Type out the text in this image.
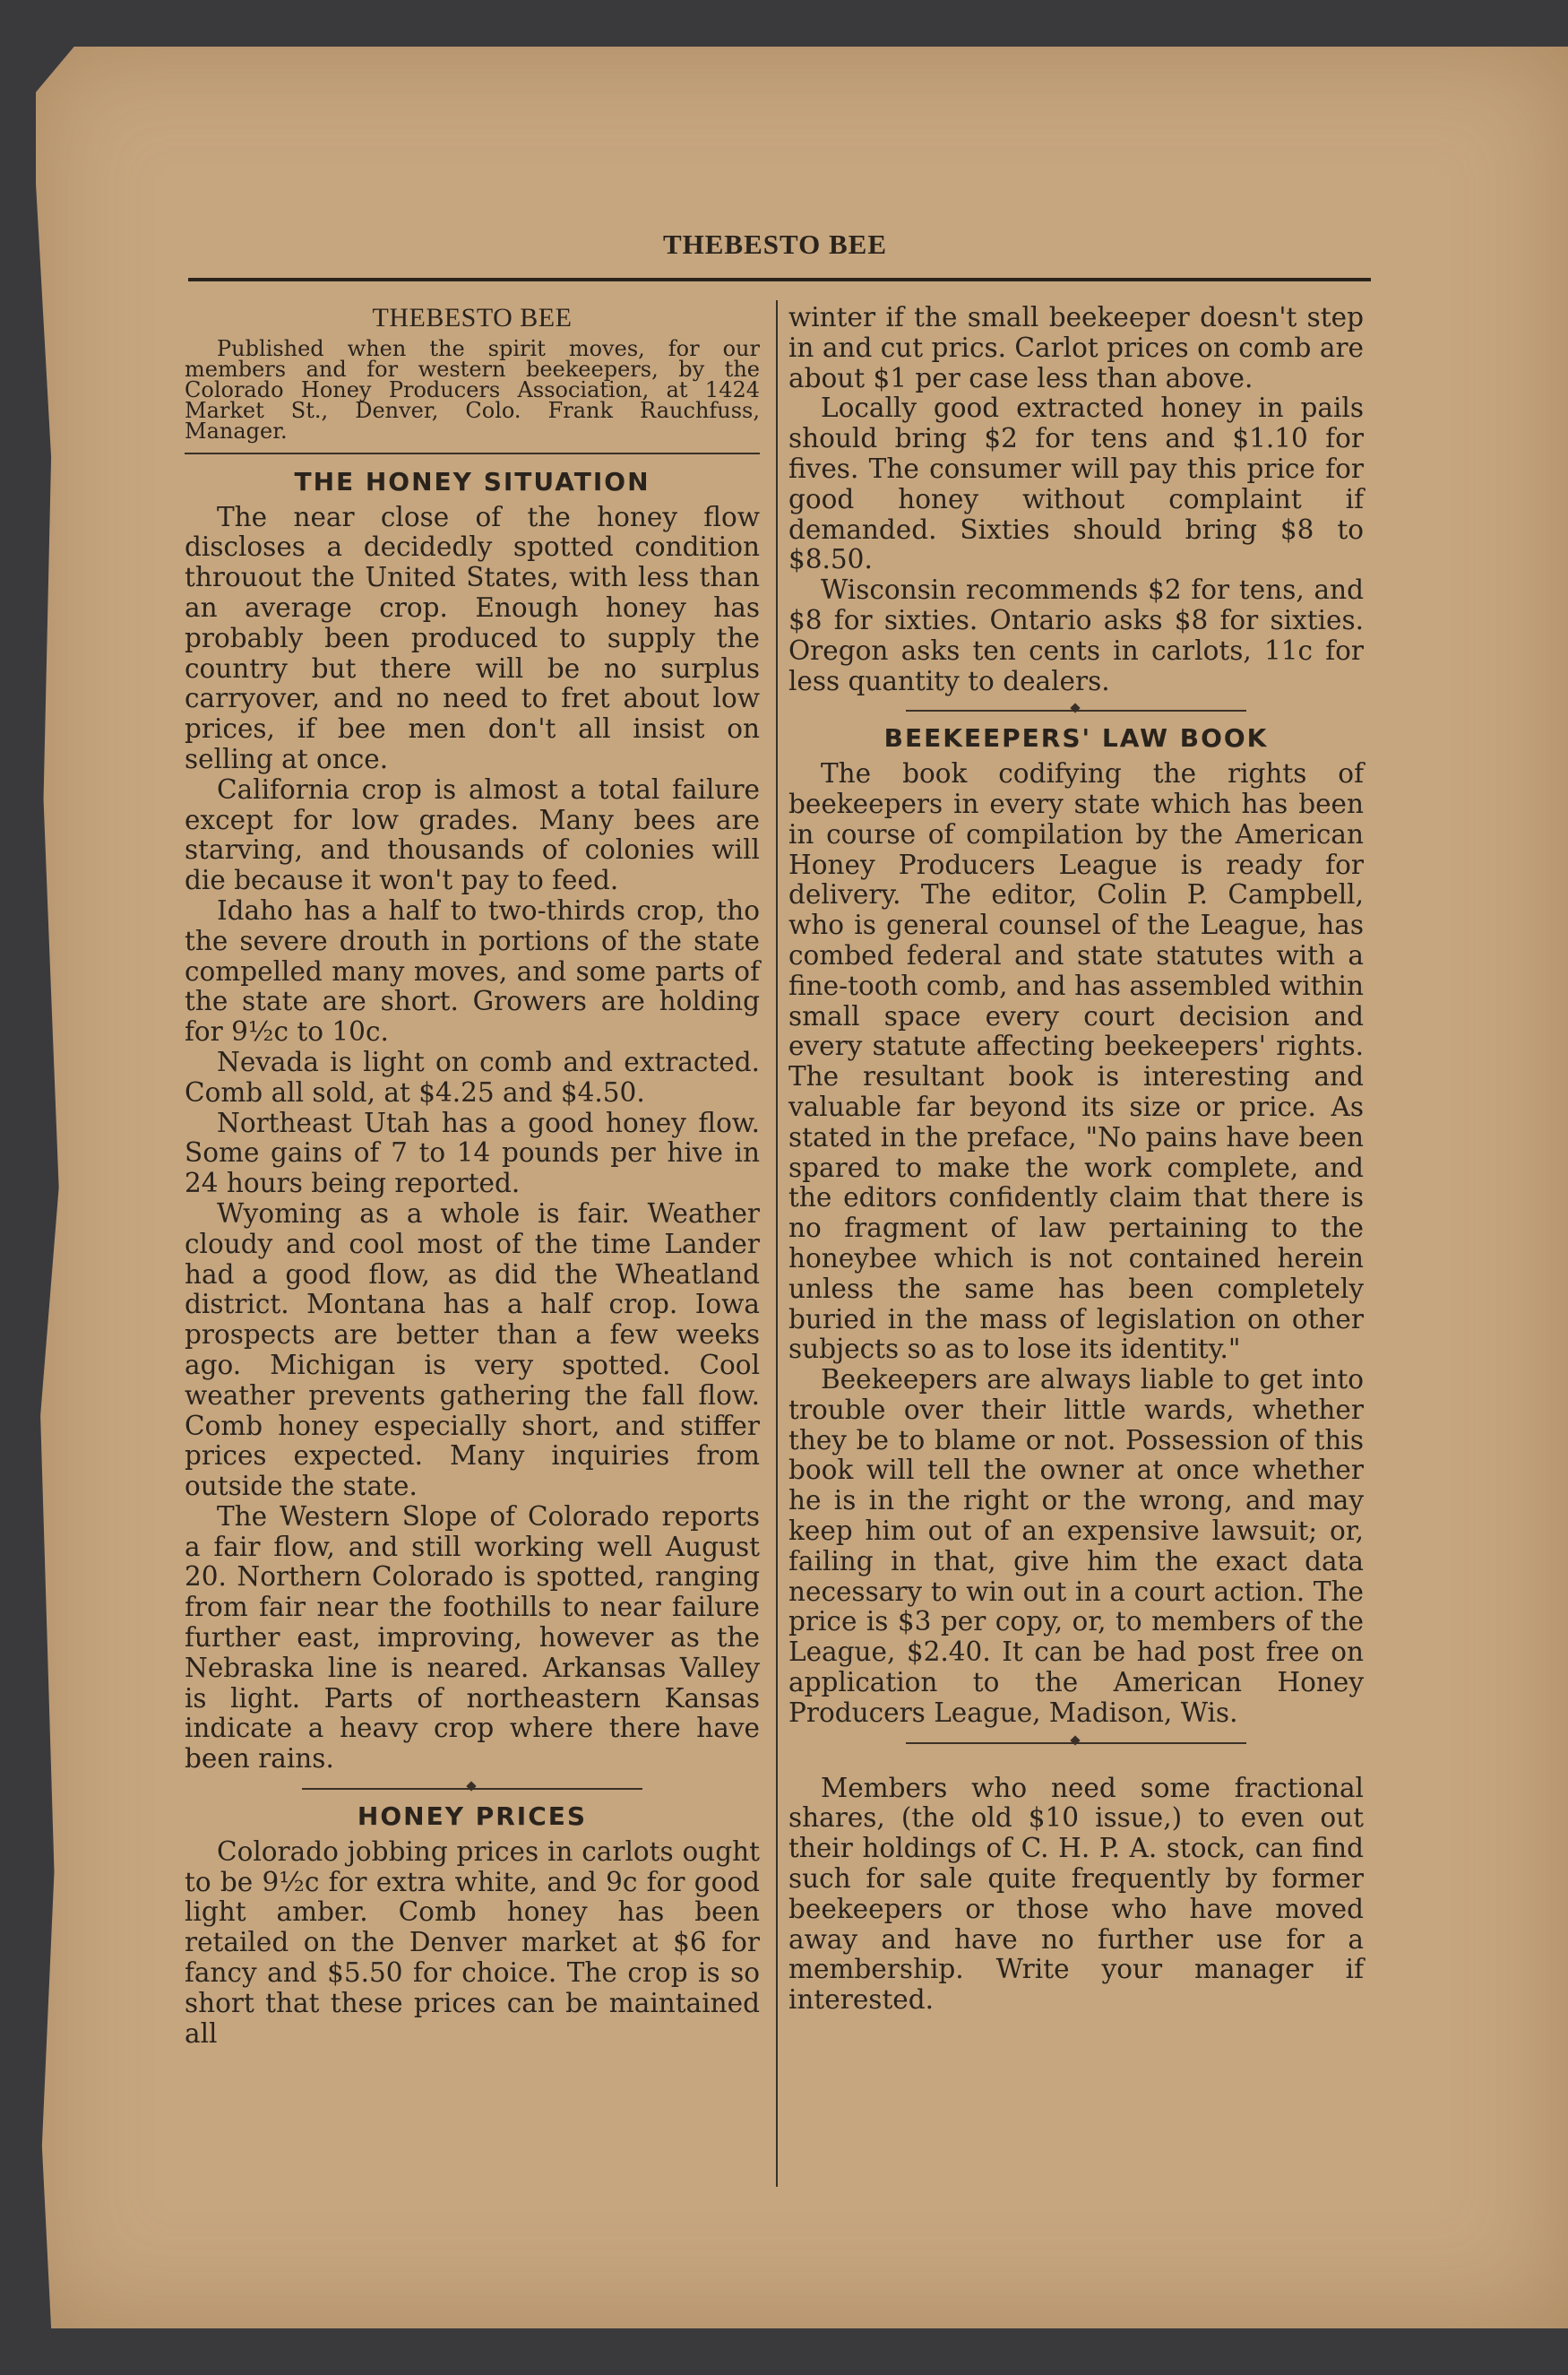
THEBESTO BEE
THEBESTO BEE

Published when the spirit moves, for our members and for western beekeepers, by the Colorado Honey Producers Association, at 1424 Market St., Denver, Colo. Frank Rauchfuss, Manager.

THE HONEY SITUATION

The near close of the honey flow discloses a decidedly spotted condition throuout the United States, with less than an average crop. Enough honey has probably been produced to supply the country but there will be no surplus carryover, and no need to fret about low prices, if bee men don't all insist on selling at once.

California crop is almost a total failure except for low grades. Many bees are starving, and thousands of colonies will die because it won't pay to feed.

Idaho has a half to two-thirds crop, tho the severe drouth in portions of the state compelled many moves, and some parts of the state are short. Growers are holding for 9½c to 10c.

Nevada is light on comb and extracted. Comb all sold, at $4.25 and $4.50.

Northeast Utah has a good honey flow. Some gains of 7 to 14 pounds per hive in 24 hours being reported.

Wyoming as a whole is fair. Weather cloudy and cool most of the time Lander had a good flow, as did the Wheatland district. Montana has a half crop. Iowa prospects are better than a few weeks ago. Michigan is very spotted. Cool weather prevents gathering the fall flow. Comb honey especially short, and stiffer prices expected. Many inquiries from outside the state.

The Western Slope of Colorado reports a fair flow, and still working well August 20. Northern Colorado is spotted, ranging from fair near the foothills to near failure further east, improving, however as the Nebraska line is neared. Arkansas Valley is light. Parts of northeastern Kansas indicate a heavy crop where there have been rains.

HONEY PRICES

Colorado jobbing prices in carlots ought to be 9½c for extra white, and 9c for good light amber. Comb honey has been retailed on the Denver market at $6 for fancy and $5.50 for choice. The crop is so short that these prices can be maintained all

winter if the small beekeeper doesn't step in and cut prics. Carlot prices on comb are about $1 per case less than above.

Locally good extracted honey in pails should bring $2 for tens and $1.10 for fives. The consumer will pay this price for good honey without complaint if demanded. Sixties should bring $8 to $8.50.

Wisconsin recommends $2 for tens, and $8 for sixties. Ontario asks $8 for sixties. Oregon asks ten cents in carlots, 11c for less quantity to dealers.

BEEKEEPERS' LAW BOOK

The book codifying the rights of beekeepers in every state which has been in course of compilation by the American Honey Producers League is ready for delivery. The editor, Colin P. Campbell, who is general counsel of the League, has combed federal and state statutes with a fine-tooth comb, and has assembled within small space every court decision and every statute affecting beekeepers' rights. The resultant book is interesting and valuable far beyond its size or price. As stated in the preface, "No pains have been spared to make the work complete, and the editors confidently claim that there is no fragment of law pertaining to the honeybee which is not contained herein unless the same has been completely buried in the mass of legislation on other subjects so as to lose its identity."

Beekeepers are always liable to get into trouble over their little wards, whether they be to blame or not. Possession of this book will tell the owner at once whether he is in the right or the wrong, and may keep him out of an expensive lawsuit; or, failing in that, give him the exact data necessary to win out in a court action. The price is $3 per copy, or, to members of the League, $2.40. It can be had post free on application to the American Honey Producers League, Madison, Wis.

Members who need some fractional shares, (the old $10 issue,) to even out their holdings of C. H. P. A. stock, can find such for sale quite frequently by former beekeepers or those who have moved away and have no further use for a membership. Write your manager if interested.
